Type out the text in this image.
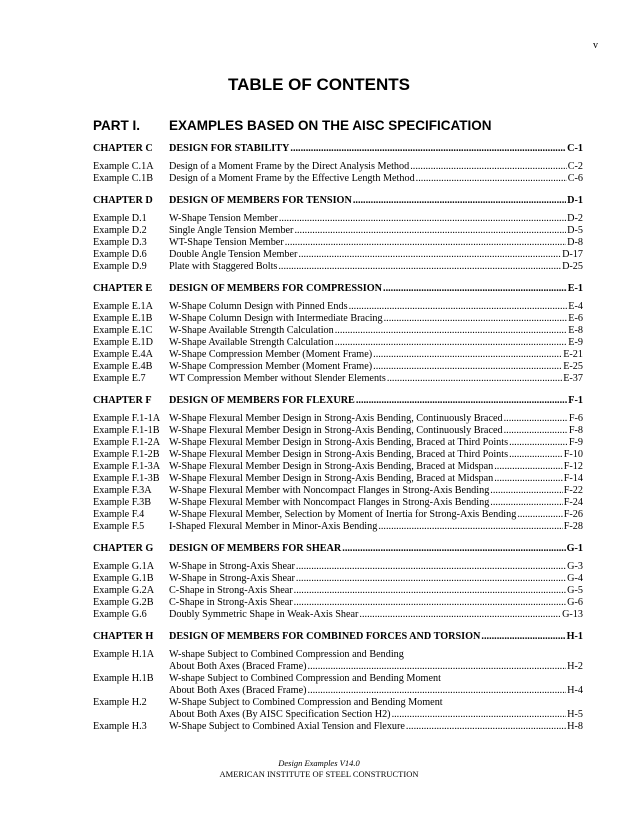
v
TABLE OF CONTENTS
PART I. EXAMPLES BASED ON THE AISC SPECIFICATION
CHAPTER C	DESIGN FOR STABILITY .....	C-1
Example C.1A	Design of a Moment Frame by the Direct Analysis Method .....	C-2
Example C.1B	Design of a Moment Frame by the Effective Length Method .....	C-6
CHAPTER D	DESIGN OF MEMBERS FOR TENSION .....	D-1
Example D.1	W-Shape Tension Member .....	D-2
Example D.2	Single Angle Tension Member .....	D-5
Example D.3	WT-Shape Tension Member .....	D-8
Example D.6	Double Angle Tension Member .....	D-17
Example D.9	Plate with Staggered Bolts .....	D-25
CHAPTER E	DESIGN OF MEMBERS FOR COMPRESSION .....	E-1
Example E.1A	W-Shape Column Design with Pinned Ends .....	E-4
Example E.1B	W-Shape Column Design with Intermediate Bracing .....	E-6
Example E.1C	W-Shape Available Strength Calculation .....	E-8
Example E.1D	W-Shape Available Strength Calculation .....	E-9
Example E.4A	W-Shape Compression Member (Moment Frame) .....	E-21
Example E.4B	W-Shape Compression Member (Moment Frame) .....	E-25
Example E.7	WT Compression Member without Slender Elements .....	E-37
CHAPTER F	DESIGN OF MEMBERS FOR FLEXURE .....	F-1
Example F.1-1A W-Shape Flexural Member Design in Strong-Axis Bending, Continuously Braced .....	F-6
Example F.1-1B W-Shape Flexural Member Design in Strong-Axis Bending, Continuously Braced .....	F-8
Example F.1-2A W-Shape Flexural Member Design in Strong-Axis Bending, Braced at Third Points .....	F-9
Example F.1-2B W-Shape Flexural Member Design in Strong-Axis Bending, Braced at Third Points .....	F-10
Example F.1-3A W-Shape Flexural Member Design in Strong-Axis Bending, Braced at Midspan .....	F-12
Example F.1-3B W-Shape Flexural Member Design in Strong-Axis Bending, Braced at Midspan .....	F-14
Example F.3A	W-Shape Flexural Member with Noncompact Flanges in Strong-Axis Bending .....	F-22
Example F.3B	W-Shape Flexural Member with Noncompact Flanges in Strong-Axis Bending .....	F-24
Example F.4	W-Shape Flexural Member, Selection by Moment of Inertia for Strong-Axis Bending .....	F-26
Example F.5	I-Shaped Flexural Member in Minor-Axis Bending .....	F-28
CHAPTER G	DESIGN OF MEMBERS FOR SHEAR .....	G-1
Example G.1A	W-Shape in Strong-Axis Shear .....	G-3
Example G.1B	W-Shape in Strong-Axis Shear .....	G-4
Example G.2A	C-Shape in Strong-Axis Shear .....	G-5
Example G.2B	C-Shape in Strong-Axis Shear .....	G-6
Example G.6	Doubly Symmetric Shape in Weak-Axis Shear .....	G-13
CHAPTER H	DESIGN OF MEMBERS FOR COMBINED FORCES AND TORSION .....	H-1
Example H.1A	W-shape Subject to Combined Compression and Bending
About Both Axes (Braced Frame) .....	H-2
Example H.1B	W-shape Subject to Combined Compression and Bending Moment
About Both Axes (Braced Frame) .....	H-4
Example H.2	W-Shape Subject to Combined Compression and Bending Moment
About Both Axes (By AISC Specification Section H2) .....	H-5
Example H.3	W-Shape Subject to Combined Axial Tension and Flexure .....	H-8
Design Examples V14.0
AMERICAN INSTITUTE OF STEEL CONSTRUCTION
